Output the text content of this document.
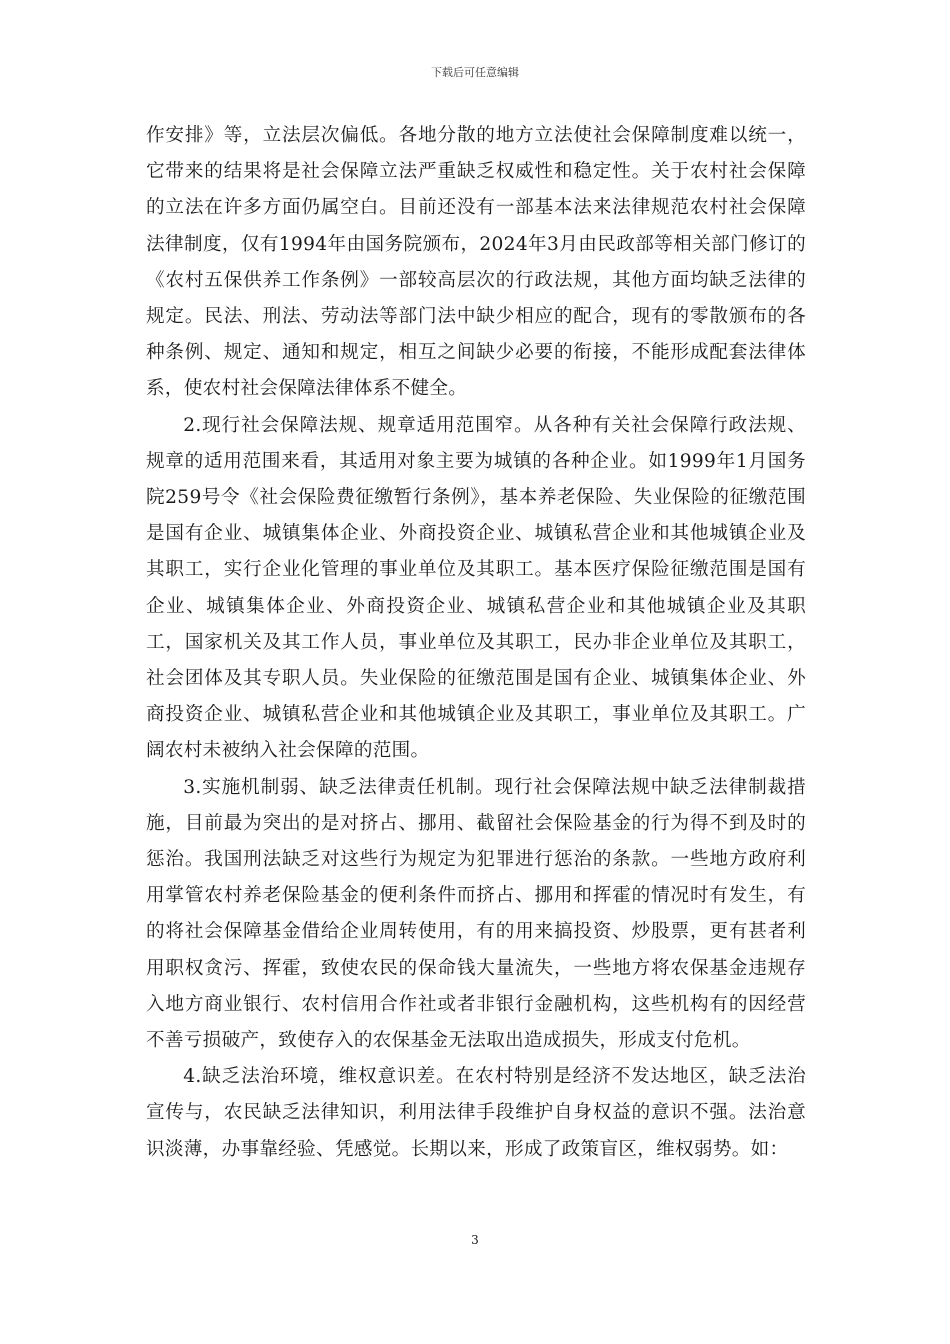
下载后可任意编辑

作安排》等，立法层次偏低。各地分散的地方立法使社会保障制度难以统一，它带来的结果将是社会保障立法严重缺乏权威性和稳定性。关于农村社会保障的立法在许多方面仍属空白。目前还没有一部基本法来法律规范农村社会保障法律制度，仅有1994年由国务院颁布，2024年3月由民政部等相关部门修订的《农村五保供养工作条例》一部较高层次的行政法规，其他方面均缺乏法律的规定。民法、刑法、劳动法等部门法中缺少相应的配合，现有的零散颁布的各种条例、规定、通知和规定，相互之间缺少必要的衔接，不能形成配套法律体系，使农村社会保障法律体系不健全。

2.现行社会保障法规、规章适用范围窄。从各种有关社会保障行政法规、规章的适用范围来看，其适用对象主要为城镇的各种企业。如1999年1月国务院259号令《社会保险费征缴暂行条例》，基本养老保险、失业保险的征缴范围是国有企业、城镇集体企业、外商投资企业、城镇私营企业和其他城镇企业及其职工，实行企业化管理的事业单位及其职工。基本医疗保险征缴范围是国有企业、城镇集体企业、外商投资企业、城镇私营企业和其他城镇企业及其职工，国家机关及其工作人员，事业单位及其职工，民办非企业单位及其职工，社会团体及其专职人员。失业保险的征缴范围是国有企业、城镇集体企业、外商投资企业、城镇私营企业和其他城镇企业及其职工，事业单位及其职工。广阔农村未被纳入社会保障的范围。

3.实施机制弱、缺乏法律责任机制。现行社会保障法规中缺乏法律制裁措施，目前最为突出的是对挤占、挪用、截留社会保险基金的行为得不到及时的惩治。我国刑法缺乏对这些行为规定为犯罪进行惩治的条款。一些地方政府利用掌管农村养老保险基金的便利条件而挤占、挪用和挥霍的情况时有发生，有的将社会保障基金借给企业周转使用，有的用来搞投资、炒股票，更有甚者利用职权贪污、挥霍，致使农民的保命钱大量流失，一些地方将农保基金违规存入地方商业银行、农村信用合作社或者非银行金融机构，这些机构有的因经营不善亏损破产，致使存入的农保基金无法取出造成损失，形成支付危机。

4.缺乏法治环境，维权意识差。在农村特别是经济不发达地区，缺乏法治宣传与，农民缺乏法律知识，利用法律手段维护自身权益的意识不强。法治意识淡薄，办事靠经验、凭感觉。长期以来，形成了政策盲区，维权弱势。如：

3
